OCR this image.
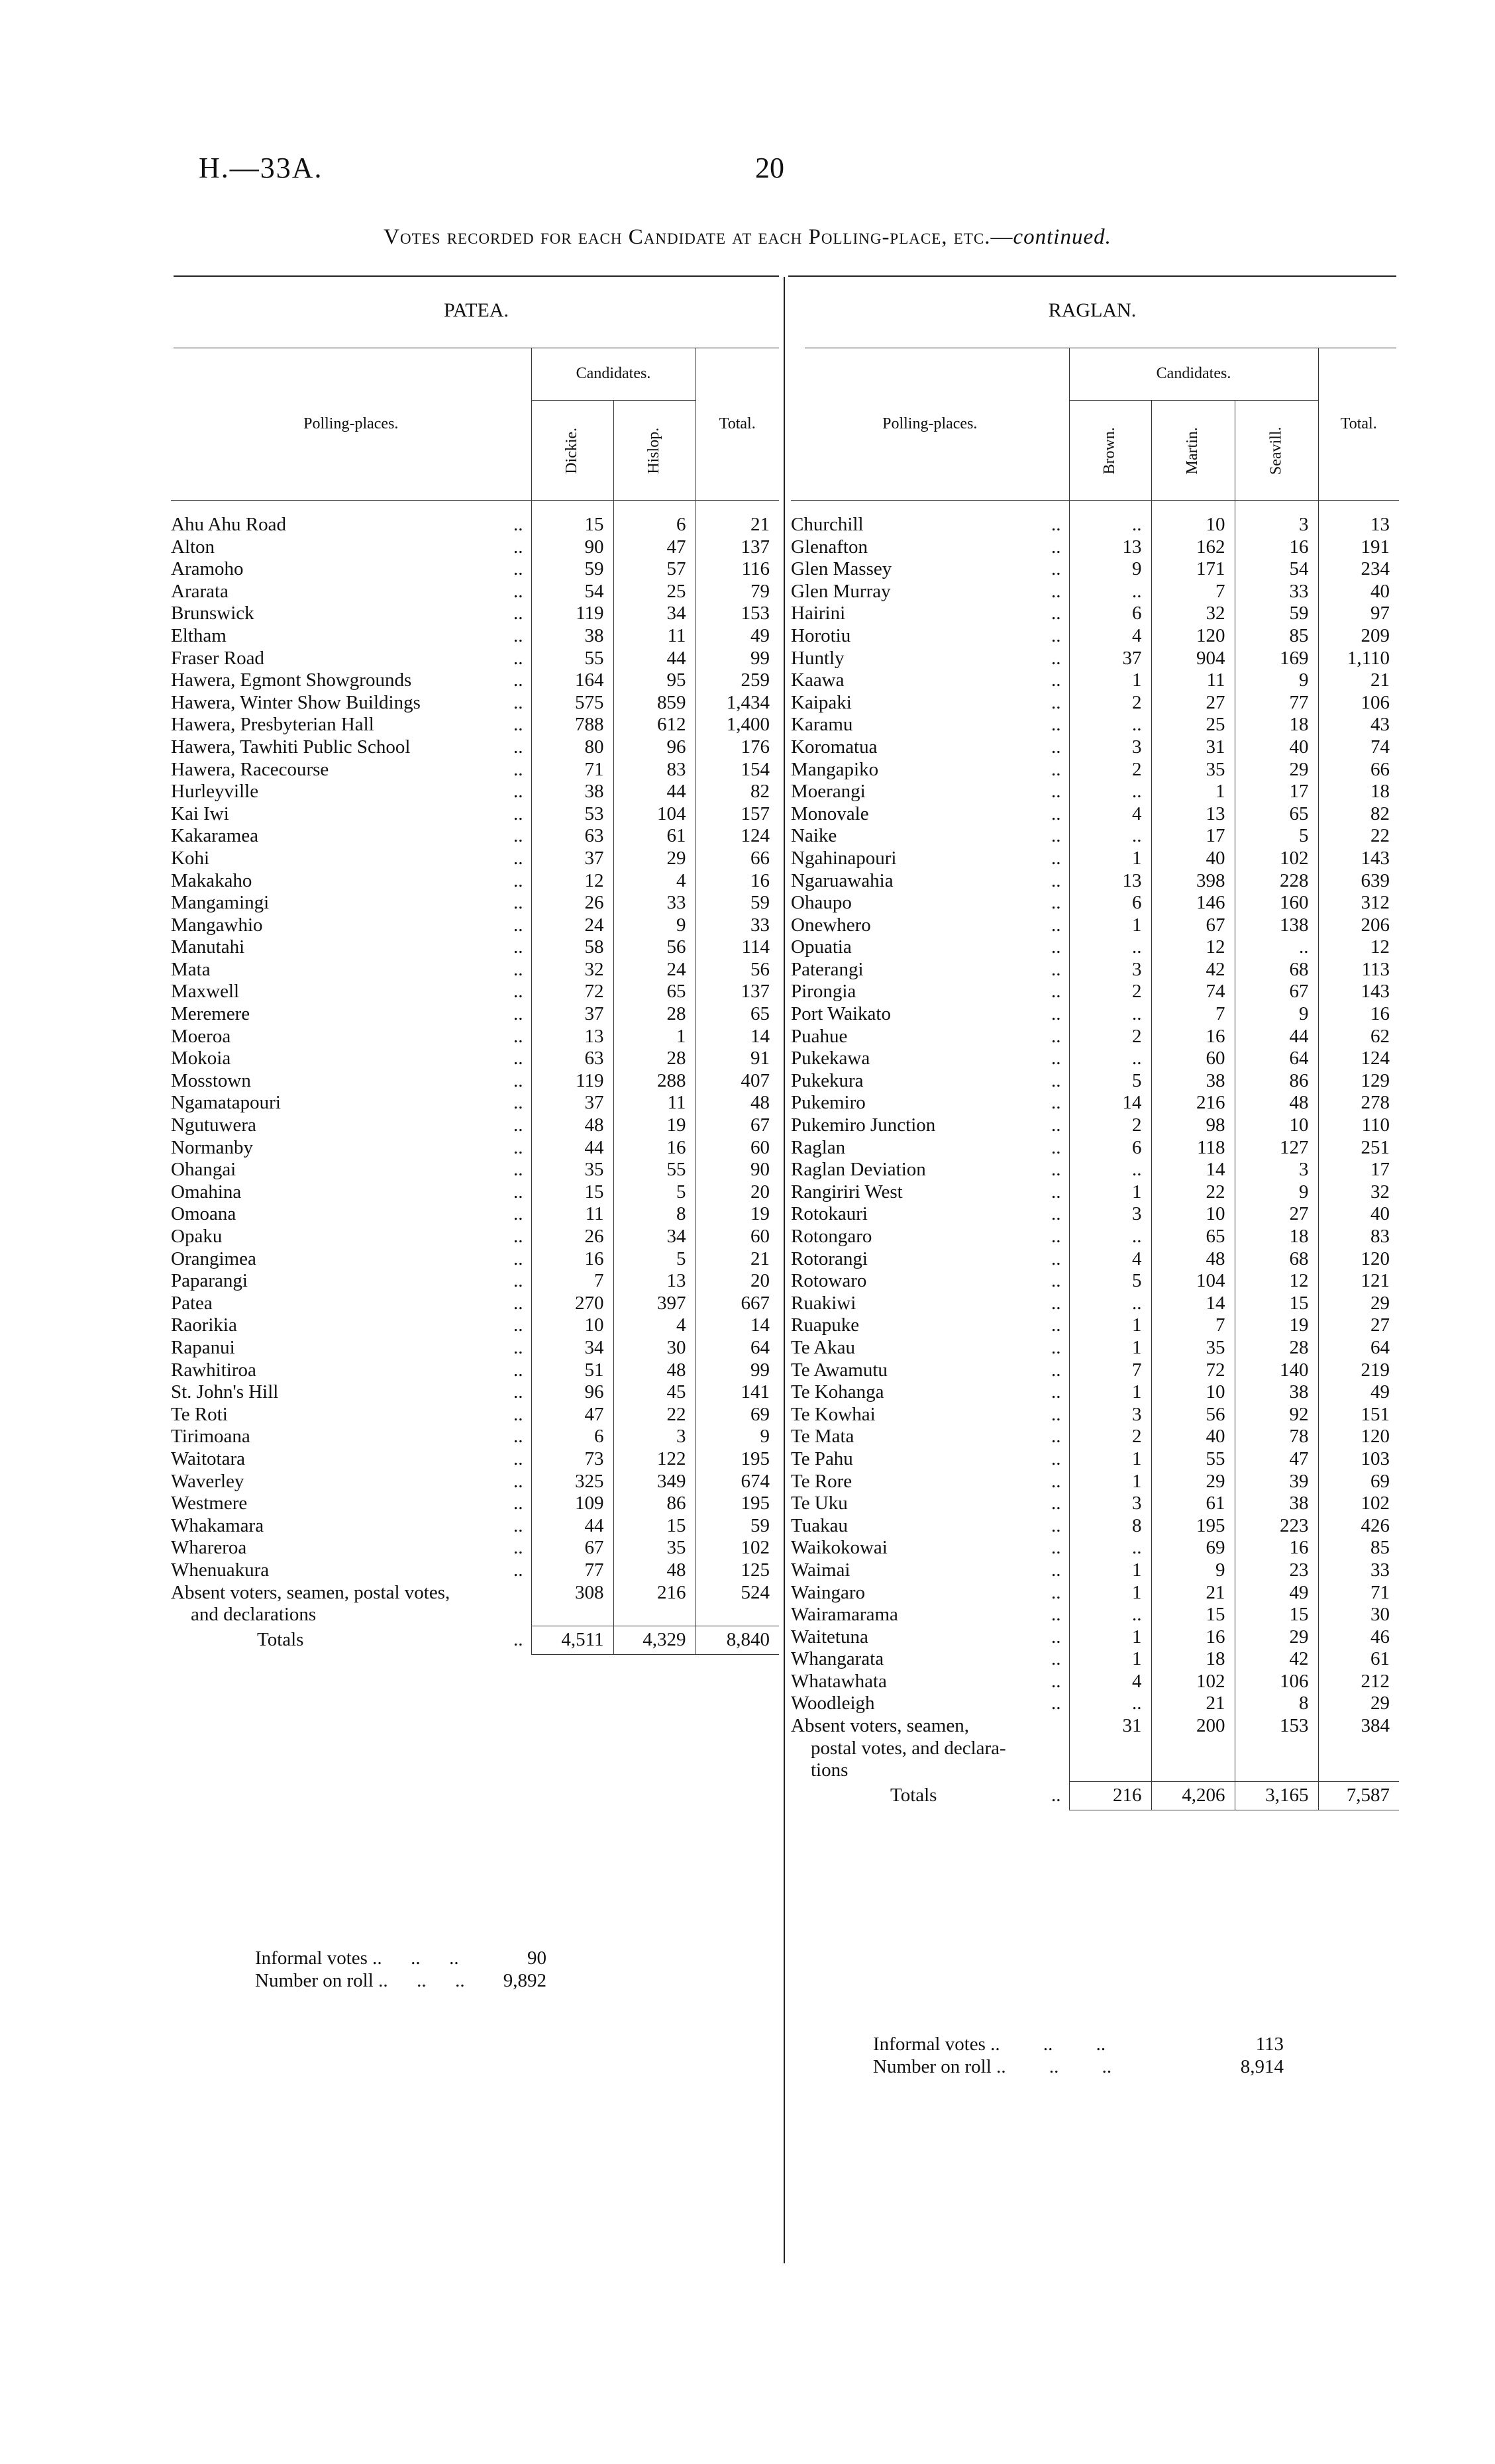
H.—33A.	20
Votes recorded for each Candidate at each Polling-place, etc.—continued.
PATEA.	RAGLAN.
Polling-places.	Candidates.		Total.
	Dickie.	Hislop.	

Ahu Ahu Road ..	15	6	21
Alton ..	90	47	137
Aramoho ..	59	57	116
Ararata ..	54	25	79
Brunswick ..	119	34	153
Eltham ..	38	11	49
Fraser Road ..	55	44	99
Hawera, Egmont Showgrounds ..	164	95	259
Hawera, Winter Show Buildings ..	575	859	1,434
Hawera, Presbyterian Hall ..	788	612	1,400
Hawera, Tawhiti Public School ..	80	96	176
Hawera, Racecourse ..	71	83	154
Hurleyville ..	38	44	82
Kai Iwi ..	53	104	157
Kakaramea ..	63	61	124
Kohi ..	37	29	66
Makakaho ..	12	4	16
Mangamingi ..	26	33	59
Mangawhio ..	24	9	33
Manutahi ..	58	56	114
Mata ..	32	24	56
Maxwell ..	72	65	137
Meremere ..	37	28	65
Moeroa ..	13	1	14
Mokoia ..	63	28	91
Mosstown ..	119	288	407
Ngamatapouri ..	37	11	48
Ngutuwera ..	48	19	67
Normanby ..	44	16	60
Ohangai ..	35	55	90
Omahina ..	15	5	20
Omoana ..	11	8	19
Opaku ..	26	34	60
Orangimea ..	16	5	21
Paparangi ..	7	13	20
Patea ..	270	397	667
Raorikia ..	10	4	14
Rapanui ..	34	30	64
Rawhitiroa ..	51	48	99
St. John's Hill ..	96	45	141
Te Roti ..	47	22	69
Tirimoana ..	6	3	9
Waitotara ..	73	122	195
Waverley ..	325	349	674
Westmere ..	109	86	195
Whakamara ..	44	15	59
Whareroa ..	67	35	102
Whenuakura ..	77	48	125

Absent voters, seamen, postal votes,
and declarations	308	216	524
Totals ..	4,511	4,329	8,840
Polling-places.	Candidates.			Total.
	Brown.	Martin.	Seavill.	

Churchill ..	..	10	3	13
Glenafton ..	13	162	16	191
Glen Massey ..	9	171	54	234
Glen Murray ..	..	7	33	40
Hairini ..	6	32	59	97
Horotiu ..	4	120	85	209
Huntly ..	37	904	169	1,110
Kaawa ..	1	11	9	21
Kaipaki ..	2	27	77	106
Karamu ..	..	25	18	43
Koromatua ..	3	31	40	74
Mangapiko ..	2	35	29	66
Moerangi ..	..	1	17	18
Monovale ..	4	13	65	82
Naike ..	..	17	5	22
Ngahinapouri ..	1	40	102	143
Ngaruawahia ..	13	398	228	639
Ohaupo ..	6	146	160	312
Onewhero ..	1	67	138	206
Opuatia ..	..	12	..	12
Paterangi ..	3	42	68	113
Pirongia ..	2	74	67	143
Port Waikato ..	..	7	9	16
Puahue ..	2	16	44	62
Pukekawa ..	..	60	64	124
Pukekura ..	5	38	86	129
Pukemiro ..	14	216	48	278
Pukemiro Junction ..	2	98	10	110
Raglan ..	6	118	127	251
Raglan Deviation ..	..	14	3	17
Rangiriri West ..	1	22	9	32
Rotokauri ..	3	10	27	40
Rotongaro ..	..	65	18	83
Rotorangi ..	4	48	68	120
Rotowaro ..	5	104	12	121
Ruakiwi ..	..	14	15	29
Ruapuke ..	1	7	19	27
Te Akau ..	1	35	28	64
Te Awamutu ..	7	72	140	219
Te Kohanga ..	1	10	38	49
Te Kowhai ..	3	56	92	151
Te Mata ..	2	40	78	120
Te Pahu ..	1	55	47	103
Te Rore ..	1	29	39	69
Te Uku ..	3	61	38	102
Tuakau ..	8	195	223	426
Waikokowai ..	..	69	16	85
Waimai ..	1	9	23	33
Waingaro ..	1	21	49	71
Wairamarama ..	..	15	15	30
Waitetuna ..	1	16	29	46
Whangarata ..	1	18	42	61
Whatawhata ..	4	102	106	212
Woodleigh ..	..	21	8	29

Absent voters, seamen,
postal votes, and declara-
tions	31	200	153	384
Totals ..	216	4,206	3,165	7,587
Informal votes ..      ..      ..	90
Number on roll ..      ..      .. 9,892
Informal votes ..         ..         ..	113
Number on roll ..         ..         ..	8,914
